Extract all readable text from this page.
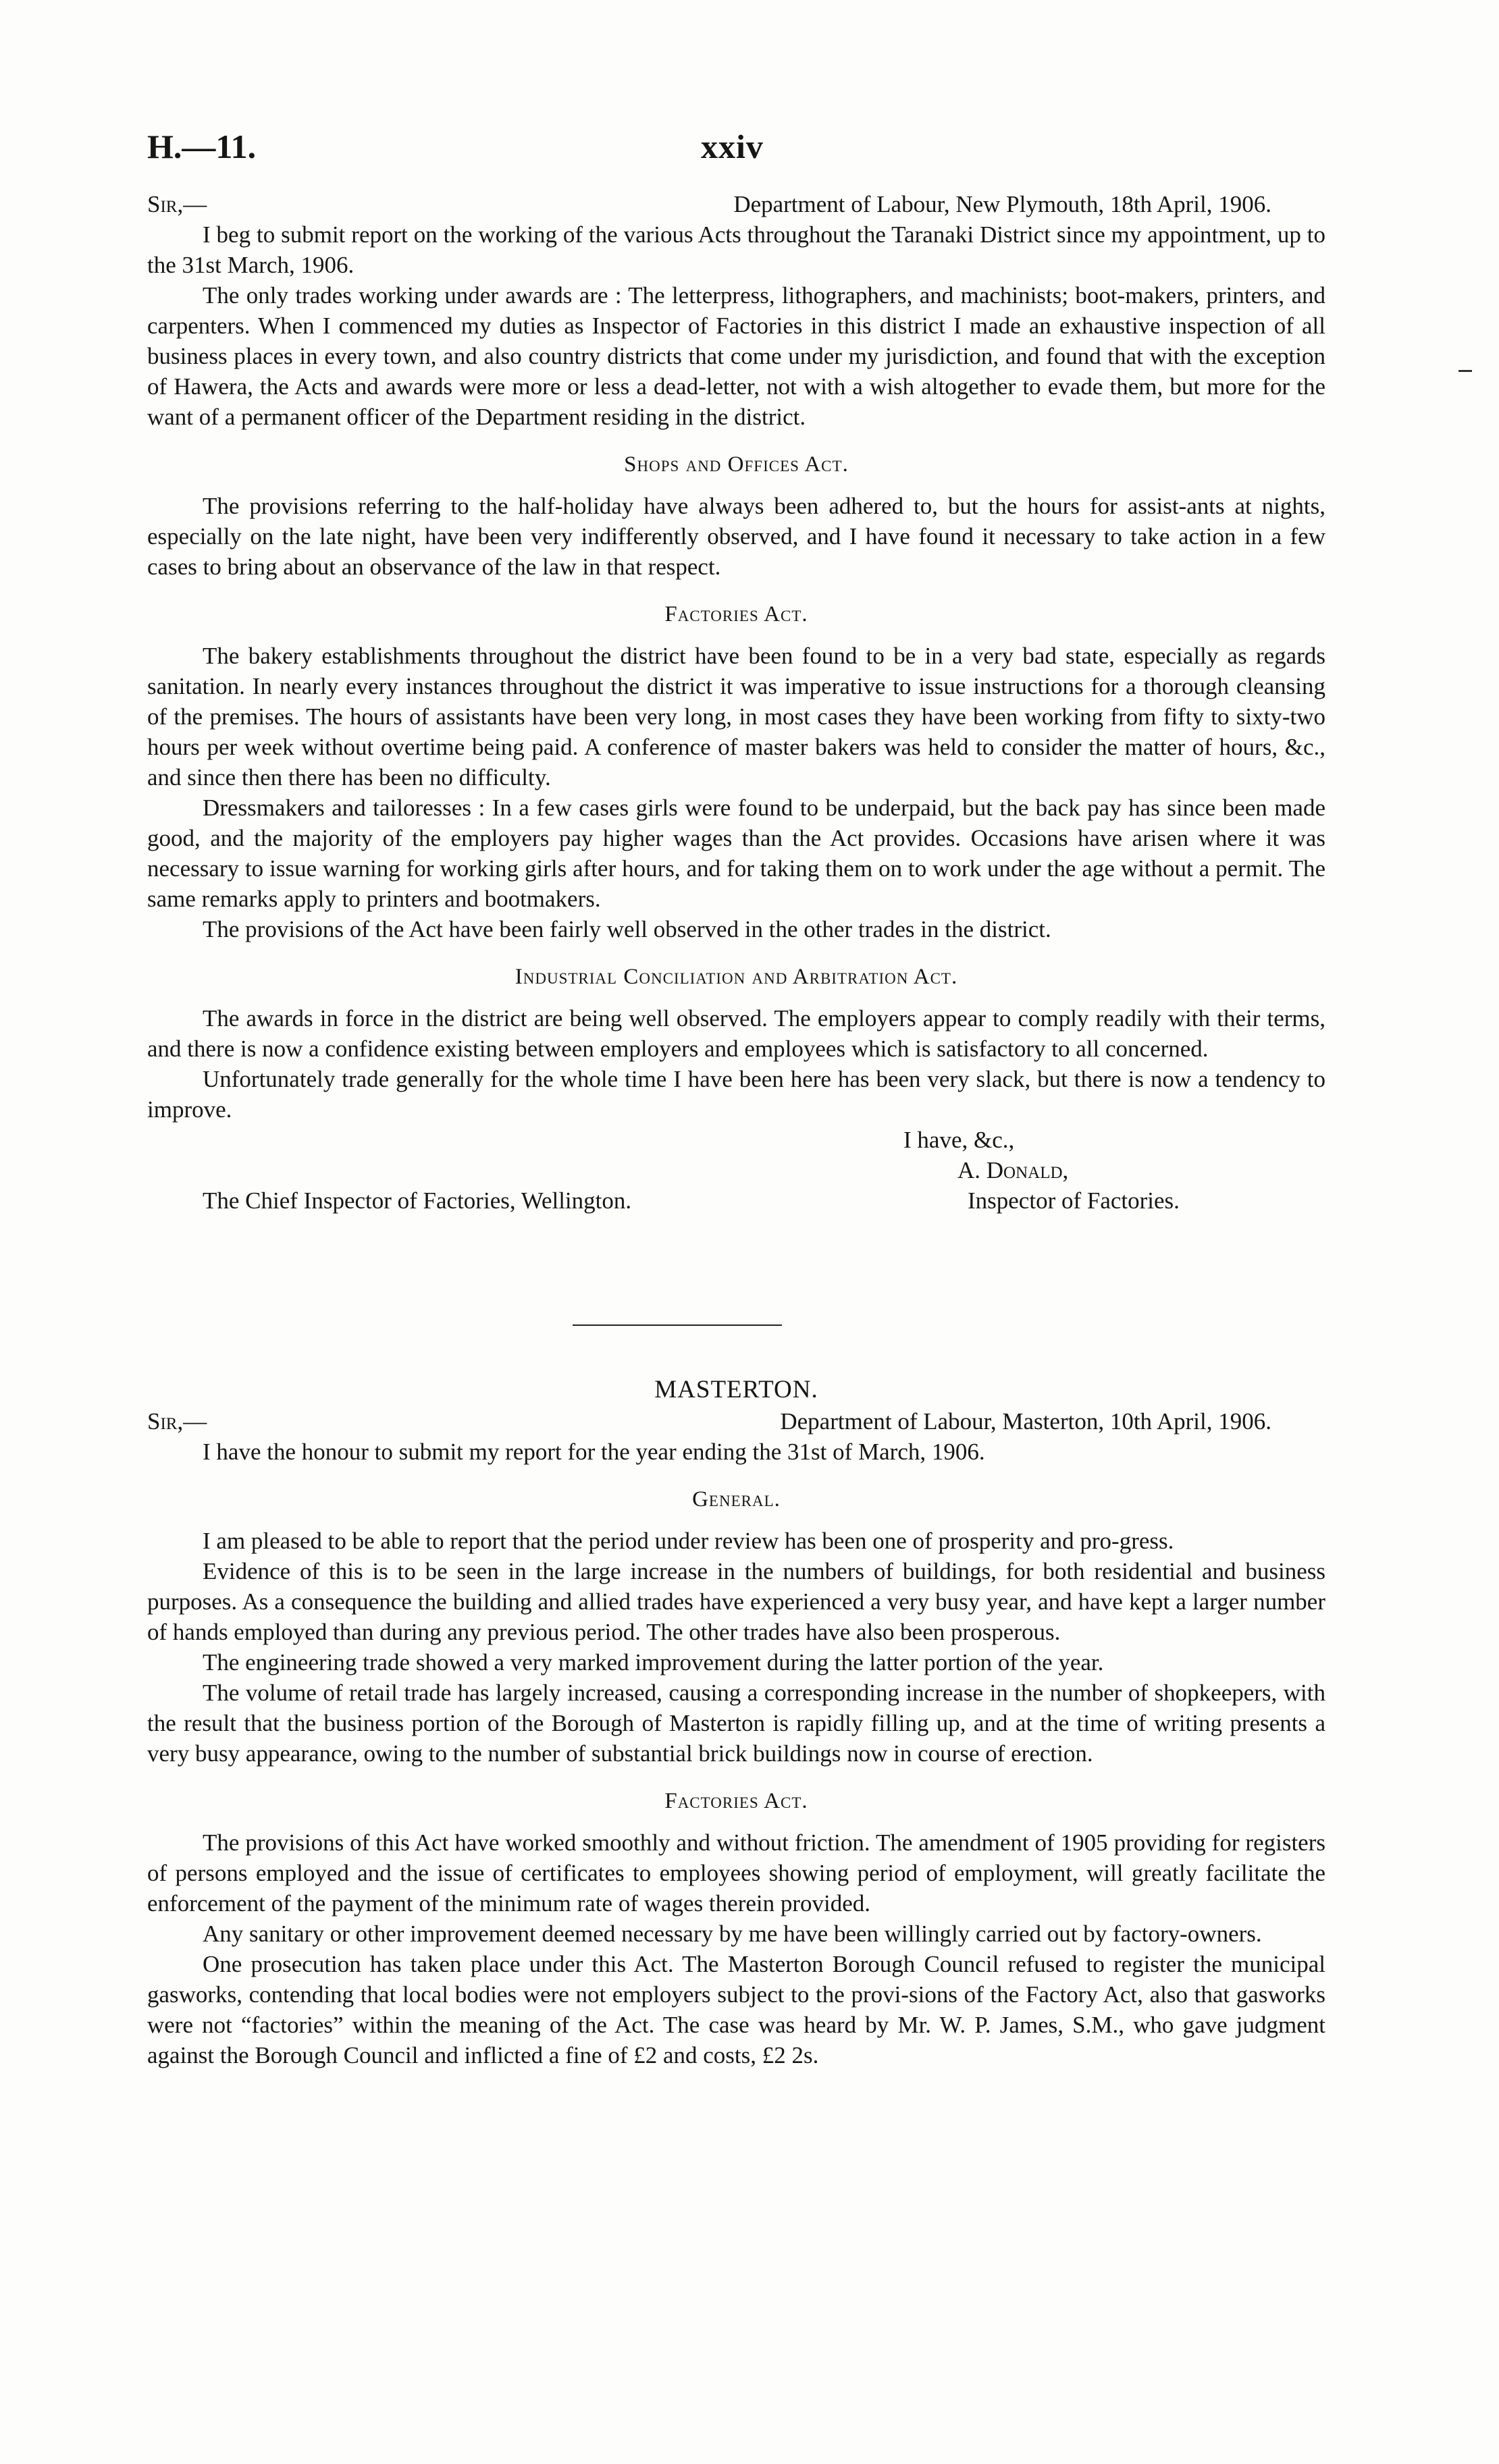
H.—11.	xxiv
Sir,—	Department of Labour, New Plymouth, 18th April, 1906.

I beg to submit report on the working of the various Acts throughout the Taranaki District since my appointment, up to the 31st March, 1906.

The only trades working under awards are : The letterpress, lithographers, and machinists; boot-makers, printers, and carpenters. When I commenced my duties as Inspector of Factories in this district I made an exhaustive inspection of all business places in every town, and also country districts that come under my jurisdiction, and found that with the exception of Hawera, the Acts and awards were more or less a dead-letter, not with a wish altogether to evade them, but more for the want of a permanent officer of the Department residing in the district.

Shops and Offices Act.

The provisions referring to the half-holiday have always been adhered to, but the hours for assist-ants at nights, especially on the late night, have been very indifferently observed, and I have found it necessary to take action in a few cases to bring about an observance of the law in that respect.

Factories Act.

The bakery establishments throughout the district have been found to be in a very bad state, especially as regards sanitation. In nearly every instances throughout the district it was imperative to issue instructions for a thorough cleansing of the premises. The hours of assistants have been very long, in most cases they have been working from fifty to sixty-two hours per week without overtime being paid. A conference of master bakers was held to consider the matter of hours, &c., and since then there has been no difficulty.

Dressmakers and tailoresses : In a few cases girls were found to be underpaid, but the back pay has since been made good, and the majority of the employers pay higher wages than the Act provides. Occasions have arisen where it was necessary to issue warning for working girls after hours, and for taking them on to work under the age without a permit. The same remarks apply to printers and bootmakers.

The provisions of the Act have been fairly well observed in the other trades in the district.

Industrial Conciliation and Arbitration Act.

The awards in force in the district are being well observed. The employers appear to comply readily with their terms, and there is now a confidence existing between employers and employees which is satisfactory to all concerned.

Unfortunately trade generally for the whole time I have been here has been very slack, but there is now a tendency to improve.

I have, &c.,
A. Donald,
The Chief Inspector of Factories, Wellington.	Inspector of Factories.
MASTERTON.
Sir,—	Department of Labour, Masterton, 10th April, 1906.

I have the honour to submit my report for the year ending the 31st of March, 1906.

General.

I am pleased to be able to report that the period under review has been one of prosperity and pro-gress.

Evidence of this is to be seen in the large increase in the numbers of buildings, for both residential and business purposes. As a consequence the building and allied trades have experienced a very busy year, and have kept a larger number of hands employed than during any previous period. The other trades have also been prosperous.

The engineering trade showed a very marked improvement during the latter portion of the year.

The volume of retail trade has largely increased, causing a corresponding increase in the number of shopkeepers, with the result that the business portion of the Borough of Masterton is rapidly filling up, and at the time of writing presents a very busy appearance, owing to the number of substantial brick buildings now in course of erection.

Factories Act.

The provisions of this Act have worked smoothly and without friction. The amendment of 1905 providing for registers of persons employed and the issue of certificates to employees showing period of employment, will greatly facilitate the enforcement of the payment of the minimum rate of wages therein provided.

Any sanitary or other improvement deemed necessary by me have been willingly carried out by factory-owners.

One prosecution has taken place under this Act. The Masterton Borough Council refused to register the municipal gasworks, contending that local bodies were not employers subject to the provi-sions of the Factory Act, also that gasworks were not “factories” within the meaning of the Act. The case was heard by Mr. W. P. James, S.M., who gave judgment against the Borough Council and inflicted a fine of £2 and costs, £2 2s.
